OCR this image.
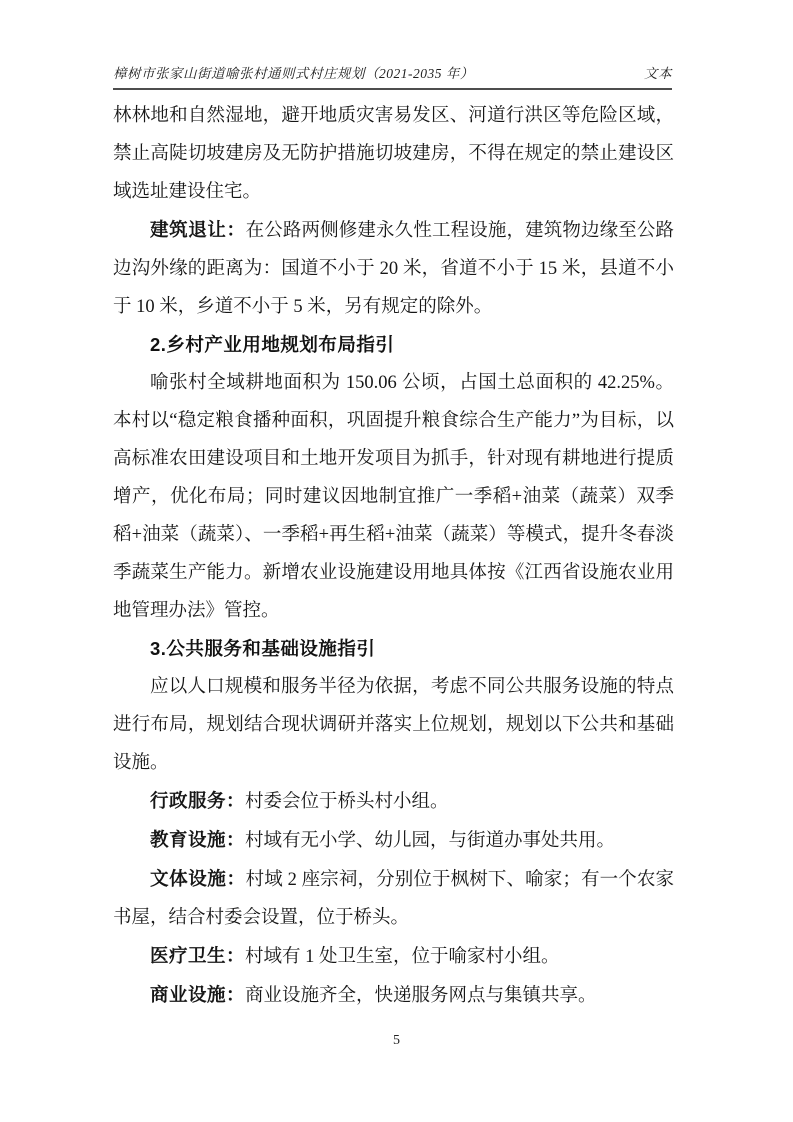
樟树市张家山街道喻张村通则式村庄规划（2021-2035 年）	文本

林林地和自然湿地，避开地质灾害易发区、河道行洪区等危险区域，禁止高陡切坡建房及无防护措施切坡建房，不得在规定的禁止建设区域选址建设住宅。

建筑退让：在公路两侧修建永久性工程设施，建筑物边缘至公路边沟外缘的距离为：国道不小于 20 米，省道不小于 15 米，县道不小于 10 米，乡道不小于 5 米，另有规定的除外。

2.乡村产业用地规划布局指引

喻张村全域耕地面积为 150.06 公顷，占国土总面积的 42.25%。本村以“稳定粮食播种面积，巩固提升粮食综合生产能力”为目标，以高标准农田建设项目和土地开发项目为抓手，针对现有耕地进行提质增产，优化布局；同时建议因地制宜推广一季稻+油菜（蔬菜）双季稻+油菜（蔬菜）、一季稻+再生稻+油菜（蔬菜）等模式，提升冬春淡季蔬菜生产能力。新增农业设施建设用地具体按《江西省设施农业用地管理办法》管控。

3.公共服务和基础设施指引

应以人口规模和服务半径为依据，考虑不同公共服务设施的特点进行布局，规划结合现状调研并落实上位规划，规划以下公共和基础设施。

行政服务：村委会位于桥头村小组。

教育设施：村域有无小学、幼儿园，与街道办事处共用。

文体设施：村域 2 座宗祠，分别位于枫树下、喻家；有一个农家书屋，结合村委会设置，位于桥头。

医疗卫生：村域有 1 处卫生室，位于喻家村小组。

商业设施：商业设施齐全，快递服务网点与集镇共享。

5
